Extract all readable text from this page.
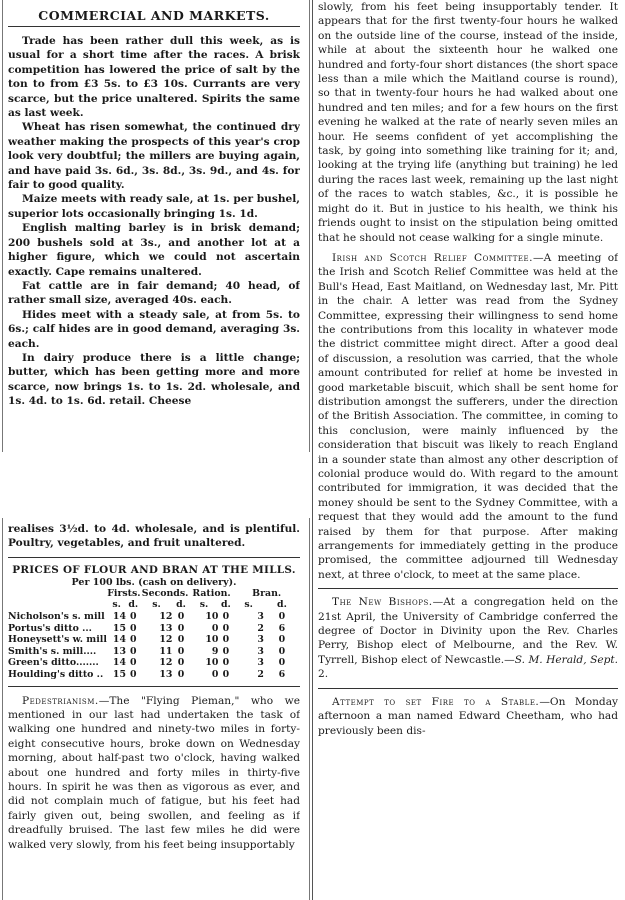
COMMERCIAL AND MARKETS.

Trade has been rather dull this week, as is usual for a short time after the races. A brisk competition has lowered the price of salt by the ton to from £3 5s. to £3 10s. Currants are very scarce, but the price unaltered. Spirits the same as last week.

Wheat has risen somewhat, the continued dry weather making the prospects of this year's crop look very doubtful; the millers are buying again, and have paid 3s. 6d., 3s. 8d., 3s. 9d., and 4s. for fair to good quality.

Maize meets with ready sale, at 1s. per bushel, superior lots occasionally bringing 1s. 1d.

English malting barley is in brisk demand; 200 bushels sold at 3s., and another lot at a higher figure, which we could not ascertain exactly. Cape remains unaltered.

Fat cattle are in fair demand; 40 head, of rather small size, averaged 40s. each.

Hides meet with a steady sale, at from 5s. to 6s.; calf hides are in good demand, averaging 3s. each.

In dairy produce there is a little change; butter, which has been getting more and more scarce, now brings 1s. to 1s. 2d. wholesale, and 1s. 4d. to 1s. 6d. retail. Cheese

realises 3½d. to 4d. wholesale, and is plentiful. Poultry, vegetables, and fruit unaltered.

PRICES OF FLOUR AND BRAN AT THE MILLS.
Per 100 lbs. (cash on delivery).
	Firsts.		Seconds.		Ration.		Bran.	
	s.	d.	s.	d.	s.	d.	s.	d.
Nicholson's s. mill	14	0	12	0	10	0	3	0
Portus's ditto ...	15	0	13	0	0	0	2	6
Honeysett's w. mill	14	0	12	0	10	0	3	0
Smith's s. mill....	13	0	11	0	9	0	3	0
Green's ditto.......	14	0	12	0	10	0	3	0
Houlding's ditto ..	15	0	13	0	0	0	2	6

Pedestrianism.—The "Flying Pieman," who we mentioned in our last had undertaken the task of walking one hundred and ninety-two miles in forty-eight consecutive hours, broke down on Wednesday morning, about half-past two o'clock, having walked about one hundred and forty miles in thirty-five hours. In spirit he was then as vigorous as ever, and did not complain much of fatigue, but his feet had fairly given out, being swollen, and feeling as if dreadfully bruised. The last few miles he did were walked very slowly, from his feet being insupportably

slowly, from his feet being insupportably tender. It appears that for the first twenty-four hours he walked on the outside line of the course, instead of the inside, while at about the sixteenth hour he walked one hundred and forty-four short distances (the short space less than a mile which the Maitland course is round), so that in twenty-four hours he had walked about one hundred and ten miles; and for a few hours on the first evening he walked at the rate of nearly seven miles an hour. He seems confident of yet accomplishing the task, by going into something like training for it; and, looking at the trying life (anything but training) he led during the races last week, remaining up the last night of the races to watch stables, &c., it is possible he might do it. But in justice to his health, we think his friends ought to insist on the stipulation being omitted that he should not cease walking for a single minute.

Irish and Scotch Relief Committee.—A meeting of the Irish and Scotch Relief Committee was held at the Bull's Head, East Maitland, on Wednesday last, Mr. Pitt in the chair. A letter was read from the Sydney Committee, expressing their willingness to send home the contributions from this locality in whatever mode the district committee might direct. After a good deal of discussion, a resolution was carried, that the whole amount contributed for relief at home be invested in good marketable biscuit, which shall be sent home for distribution amongst the sufferers, under the direction of the British Association. The committee, in coming to this conclusion, were mainly influenced by the consideration that biscuit was likely to reach England in a sounder state than almost any other description of colonial produce would do. With regard to the amount contributed for immigration, it was decided that the money should be sent to the Sydney Committee, with a request that they would add the amount to the fund raised by them for that purpose. After making arrangements for immediately getting in the produce promised, the committee adjourned till Wednesday next, at three o'clock, to meet at the same place.

The New Bishops.—At a congregation held on the 21st April, the University of Cambridge conferred the degree of Doctor in Divinity upon the Rev. Charles Perry, Bishop elect of Melbourne, and the Rev. W. Tyrrell, Bishop elect of Newcastle.—S. M. Herald, Sept. 2.

Attempt to set Fire to a Stable.—On Monday afternoon a man named Edward Cheetham, who had previously been dis-
